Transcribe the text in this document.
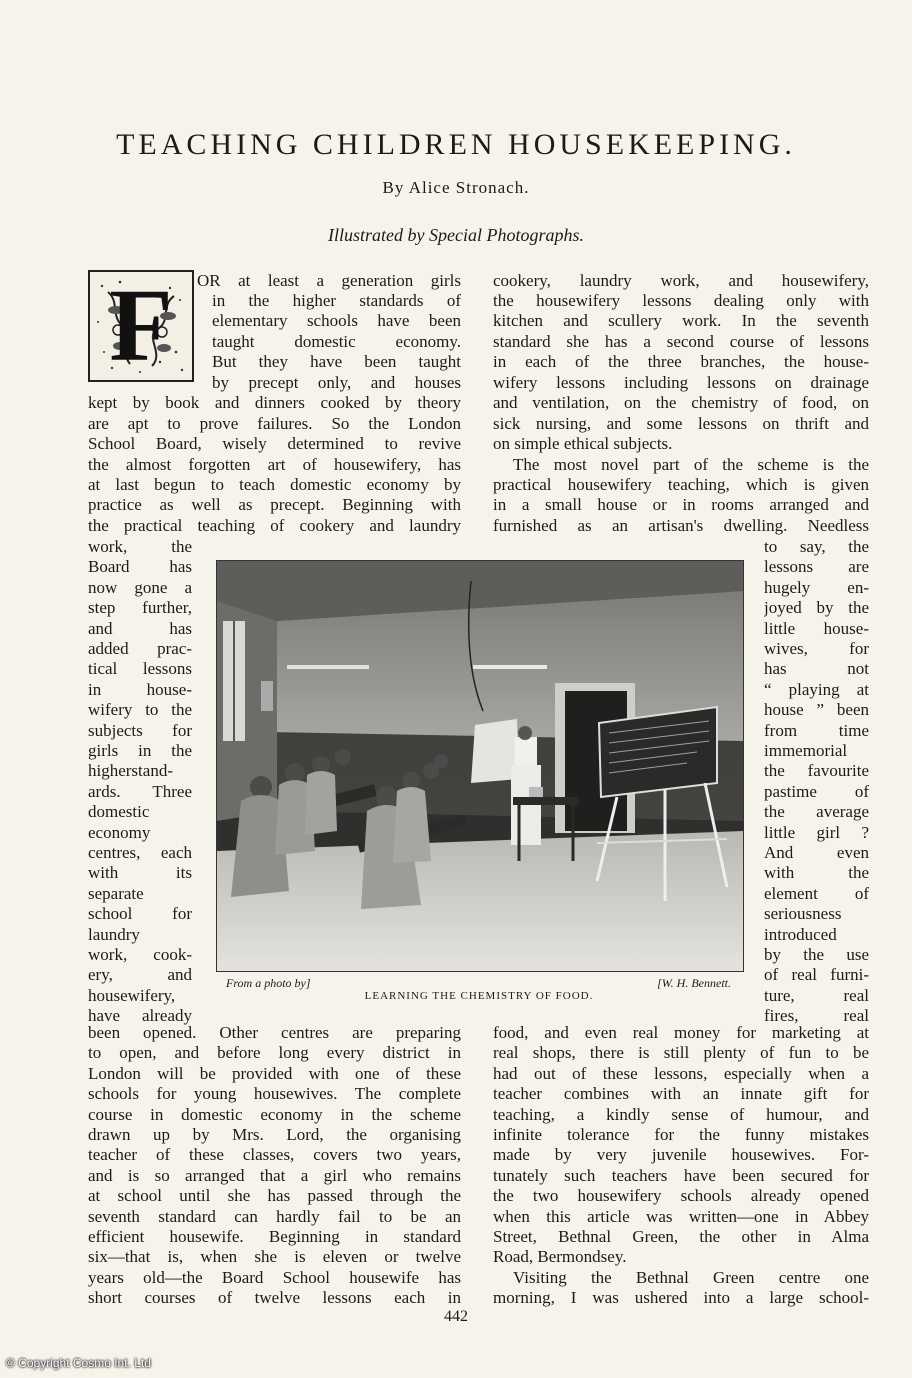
TEACHING CHILDREN HOUSEKEEPING.
By Alice Stronach.
Illustrated by Special Photographs.
F	OR at least a generation girls
in the higher standards of
elementary schools have been
taught domestic economy.
But they have been taught
by precept only, and houses
kept by book and dinners cooked by theory
are apt to prove failures. So the London
School Board, wisely determined to revive
the almost forgotten art of housewifery, has
at last begun to teach domestic economy by
practice as well as precept. Beginning with
the practical teaching of cookery and laundry
work, the
Board has
now gone a
step further,
and has
added prac-
tical lessons
in house-
wifery to the
subjects for
girls in the
higherstand-
ards. Three
domestic
economy
centres, each
with its
separate
school for
laundry
work, cook-
ery, and
housewifery,
have already
been opened. Other centres are preparing
to open, and before long every district in
London will be provided with one of these
schools for young housewives. The complete
course in domestic economy in the scheme
drawn up by Mrs. Lord, the organising
teacher of these classes, covers two years,
and is so arranged that a girl who remains
at school until she has passed through the
seventh standard can hardly fail to be an
efficient housewife. Beginning in standard
six—that is, when she is eleven or twelve
years old—the Board School housewife has
short courses of twelve lessons each in
cookery, laundry work, and housewifery,
the housewifery lessons dealing only with
kitchen and scullery work. In the seventh
standard she has a second course of lessons
in each of the three branches, the house-
wifery lessons including lessons on drainage
and ventilation, on the chemistry of food, on
sick nursing, and some lessons on thrift and
on simple ethical subjects.
The most novel part of the scheme is the
practical housewifery teaching, which is given
in a small house or in rooms arranged and
furnished as an artisan's dwelling. Needless
to say, the
lessons are
hugely en-
joyed by the
little house-
wives, for
has not
“ playing at
house ” been
from time
immemorial
the favourite
pastime of
the average
little girl ?
And even
with the
element of
seriousness
introduced
by the use
of real furni-
ture, real
fires, real
food, and even real money for marketing at
real shops, there is still plenty of fun to be
had out of these lessons, especially when a
teacher combines with an innate gift for
teaching, a kindly sense of humour, and
infinite tolerance for the funny mistakes
made by very juvenile housewives. For-
tunately such teachers have been secured for
the two housewifery schools already opened
when this article was written—one in Abbey
Street, Bethnal Green, the other in Alma
Road, Bermondsey.
Visiting the Bethnal Green centre one
morning, I was ushered into a large school-
From a photo by]	[W. H. Bennett.
LEARNING THE CHEMISTRY OF FOOD.
442
© Copyright Cosmo Int. Ltd
